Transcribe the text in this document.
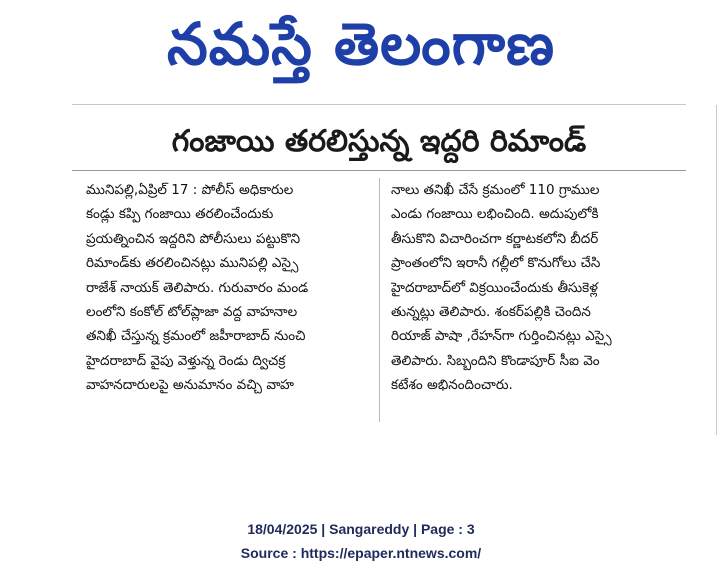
నమస్తే తెలంగాణ
గంజాయి తరలిస్తున్న ఇద్దరి రిమాండ్
మునిపల్లి,ఏప్రిల్ 17 : పోలీస్ అధికారుల
కండ్లు కప్పి గంజాయి తరలించేందుకు
ప్రయత్నించిన ఇద్దరిని పోలీసులు పట్టుకొని
రిమాండ్‌కు తరలించినట్లు మునిపల్లి ఎస్సై
రాజేశ్ నాయక్ తెలిపారు. గురువారం మండ
లంలోని కంకోల్ టోల్‌ప్లాజా వద్ద వాహనాల
తనిఖీ చేస్తున్న క్రమంలో జహీరాబాద్ నుంచి
హైదరాబాద్ వైపు వెళ్తున్న రెండు ద్విచక్ర
వాహనదారులపై అనుమానం వచ్చి వాహ
నాలు తనిఖీ చేసే క్రమంలో 110 గ్రాముల
ఎండు గంజాయి లభించింది. అదుపులోకి
తీసుకొని విచారించగా కర్ణాటకలోని బీదర్
ప్రాంతంలోని ఇరానీ గల్లీలో కొనుగోలు చేసి
హైదరాబాద్‌లో విక్రయించేందుకు తీసుకెళ్ల
తున్నట్లు తెలిపారు. శంకర్‌పల్లికి చెందిన
రియాజ్ పాషా ,రేహన్‌గా గుర్తించినట్లు ఎస్సై
తెలిపారు. సిబ్బందిని కొండాపూర్ సీఐ వెం
కటేశం అభినందించారు.
18/04/2025 | Sangareddy | Page : 3
Source : https://epaper.ntnews.com/
